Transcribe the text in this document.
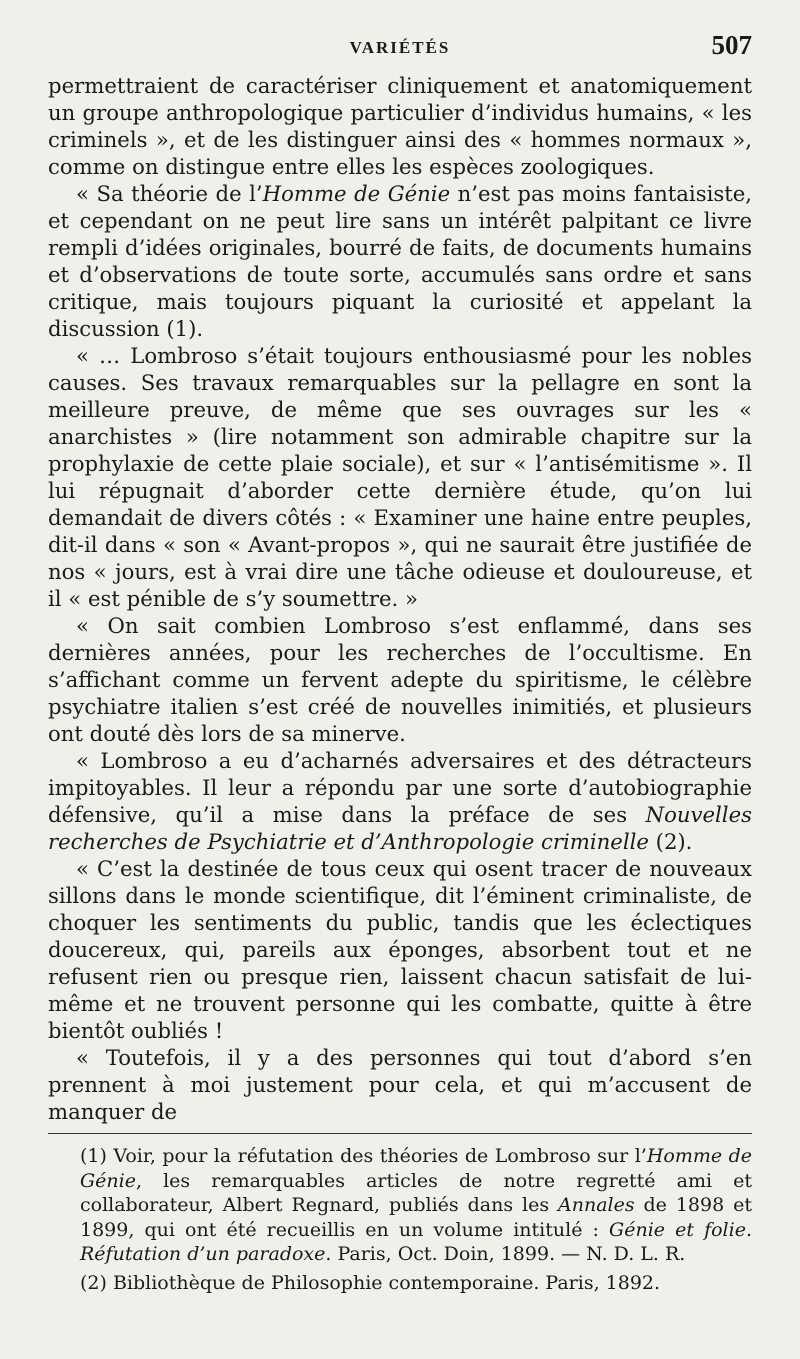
VARIÉTÉS	507

permettraient de caractériser cliniquement et anatomiquement un groupe anthropologique particulier d’individus humains, « les criminels », et de les distinguer ainsi des « hommes normaux », comme on distingue entre elles les espèces zoologiques.

« Sa théorie de l’Homme de Génie n’est pas moins fantaisiste, et cependant on ne peut lire sans un intérêt palpitant ce livre rempli d’idées originales, bourré de faits, de documents humains et d’observations de toute sorte, accumulés sans ordre et sans critique, mais toujours piquant la curiosité et appelant la discussion (1).

« … Lombroso s’était toujours enthousiasmé pour les nobles causes. Ses travaux remarquables sur la pellagre en sont la meilleure preuve, de même que ses ouvrages sur les « anarchistes » (lire notamment son admirable chapitre sur la prophylaxie de cette plaie sociale), et sur « l’antisémitisme ». Il lui répugnait d’aborder cette dernière étude, qu’on lui demandait de divers côtés : « Examiner une haine entre peuples, dit-il dans « son « Avant-propos », qui ne saurait être justifiée de nos « jours, est à vrai dire une tâche odieuse et douloureuse, et il « est pénible de s’y soumettre. »

« On sait combien Lombroso s’est enflammé, dans ses dernières années, pour les recherches de l’occultisme. En s’affichant comme un fervent adepte du spiritisme, le célèbre psychiatre italien s’est créé de nouvelles inimitiés, et plusieurs ont douté dès lors de sa minerve.

« Lombroso a eu d’acharnés adversaires et des détracteurs impitoyables. Il leur a répondu par une sorte d’autobiographie défensive, qu’il a mise dans la préface de ses Nouvelles recherches de Psychiatrie et d’Anthropologie criminelle (2).

« C’est la destinée de tous ceux qui osent tracer de nouveaux sillons dans le monde scientifique, dit l’éminent criminaliste, de choquer les sentiments du public, tandis que les éclectiques doucereux, qui, pareils aux éponges, absorbent tout et ne refusent rien ou presque rien, laissent chacun satisfait de lui-même et ne trouvent personne qui les combatte, quitte à être bientôt oubliés !

« Toutefois, il y a des personnes qui tout d’abord s’en prennent à moi justement pour cela, et qui m’accusent de manquer de

(1) Voir, pour la réfutation des théories de Lombroso sur l’Homme de Génie, les remarquables articles de notre regretté ami et collaborateur, Albert Regnard, publiés dans les Annales de 1898 et 1899, qui ont été recueillis en un volume intitulé : Génie et folie. Réfutation d’un paradoxe. Paris, Oct. Doin, 1899. — N. D. L. R.

(2) Bibliothèque de Philosophie contemporaine. Paris, 1892.
